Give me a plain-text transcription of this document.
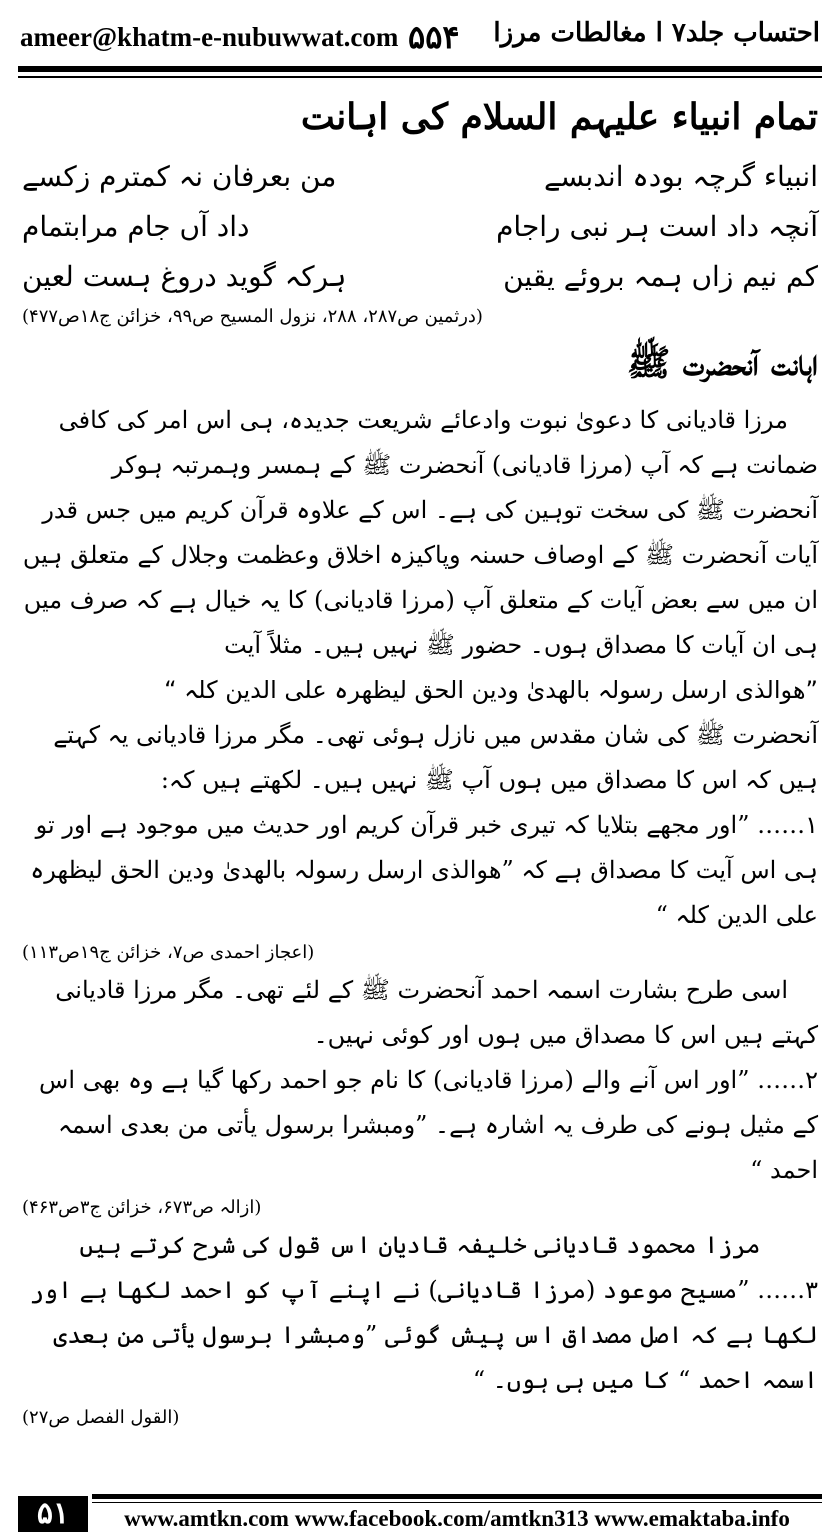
ameer@khatm-e-nubuwwat.com ۵۵۴ احتساب جلد۷ ا مغالطات مرزا
تمام انبیاء علیہم السلام کی اہانت
انبیاء گرچہ بودہ اندبسے
من بعرفان نہ کمترم زکسے
آنچہ داد است ہر نبی راجام
داد آں جام مرابتمام
کم نیم زاں ہمہ بروئے یقین
ہرکہ گوید دروغ ہست لعین
(درثمین ص۲۸۷، ۲۸۸، نزول المسیح ص۹۹، خزائن ج۱۸ص۴۷۷)
اہانت آنحضرت ﷺ

مرزا قادیانی کا دعویٰ نبوت وادعائے شریعت جدیدہ، ہی اس امر کی کافی ضمانت ہے کہ آپ (مرزا قادیانی) آنحضرت ﷺ کے ہمسر وہمرتبہ ہوکر آنحضرت ﷺ کی سخت توہین کی ہے۔ اس کے علاوہ قرآن کریم میں جس قدر آیات آنحضرت ﷺ کے اوصاف حسنہ وپاکیزہ اخلاق وعظمت وجلال کے متعلق ہیں ان میں سے بعض آیات کے متعلق آپ (مرزا قادیانی) کا یہ خیال ہے کہ صرف میں ہی ان آیات کا مصداق ہوں۔ حضور ﷺ نہیں ہیں۔ مثلاً آیت

”ھوالذی ارسل رسولہ بالھدیٰ ودین الحق لیظھرہ علی الدین کلہ “

آنحضرت ﷺ کی شان مقدس میں نازل ہوئی تھی۔ مگر مرزا قادیانی یہ کہتے ہیں کہ اس کا مصداق میں ہوں آپ ﷺ نہیں ہیں۔ لکھتے ہیں کہ:

۱…… ”اور مجھے بتلایا کہ تیری خبر قرآن کریم اور حدیث میں موجود ہے اور تو ہی اس آیت کا مصداق ہے کہ ”ھوالذی ارسل رسولہ بالھدیٰ ودین الحق لیظھرہ علی الدین کلہ “

(اعجاز احمدی ص۷، خزائن ج۱۹ص۱۱۳)

اسی طرح بشارت اسمہ احمد آنحضرت ﷺ کے لئے تھی۔ مگر مرزا قادیانی کہتے ہیں اس کا مصداق میں ہوں اور کوئی نہیں۔

۲…… ”اور اس آنے والے (مرزا قادیانی) کا نام جو احمد رکھا گیا ہے وہ بھی اس کے مثیل ہونے کی طرف یہ اشارہ ہے۔ ”ومبشرا برسول یأتی من بعدی اسمہ احمد “

(ازالہ ص۶۷۳، خزائن ج۳ص۴۶۳)

مرزا محمود قادیانی خلیفہ قادیان اس قول کی شرح کرتے ہیں

۳…… ”مسیح موعود (مرزا قادیانی) نے اپنے آپ کو احمد لکھا ہے اور لکھا ہے کہ اصل مصداق اس پیش گوئی ”ومبشرا برسول یأتی من بعدی اسمہ احمد “ کا میں ہی ہوں۔ “

(القول الفصل ص۲۷)
۵۱	www.amtkn.com www.facebook.com/amtkn313 www.emaktaba.info
